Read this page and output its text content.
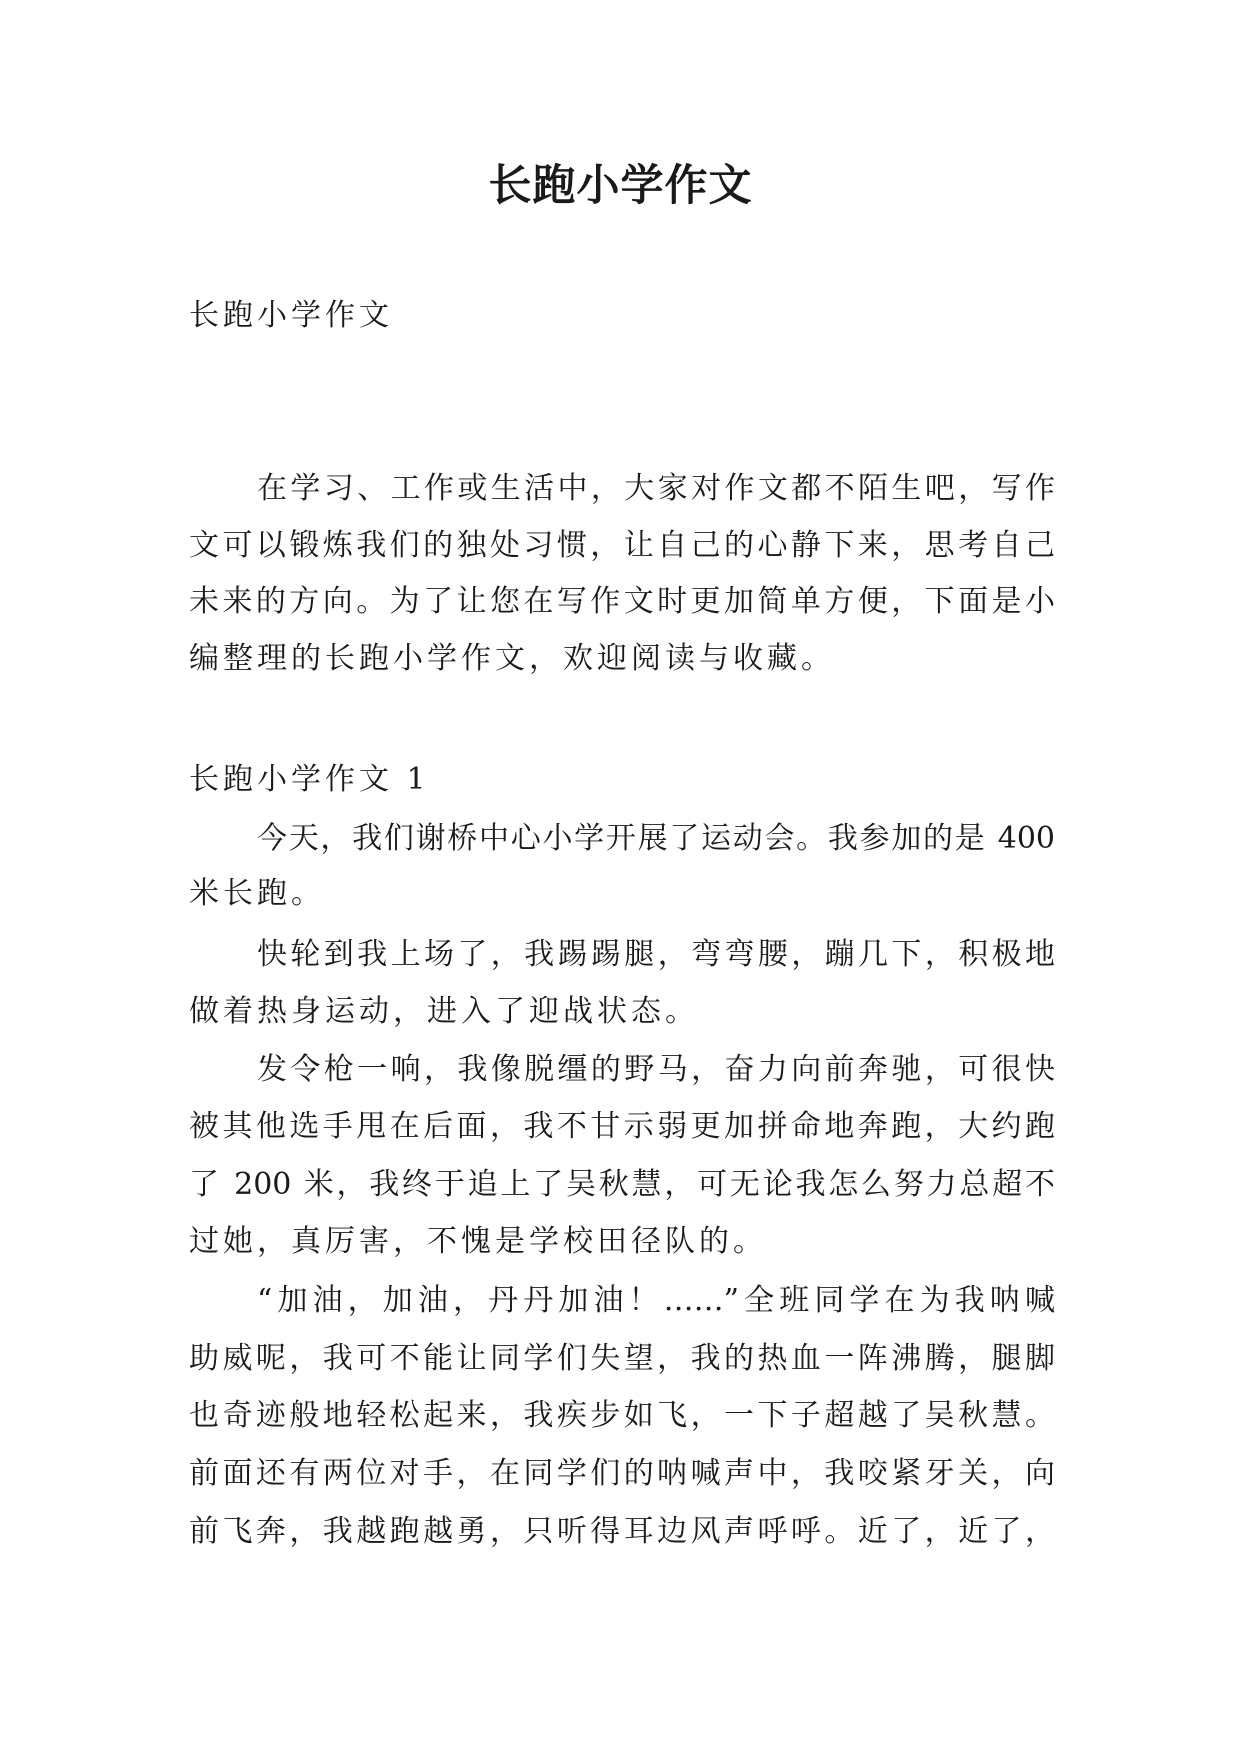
长跑小学作文

长跑小学作文

在学习、工作或生活中，大家对作文都不陌生吧，写作

文可以锻炼我们的独处习惯，让自己的心静下来，思考自己

未来的方向。为了让您在写作文时更加简单方便，下面是小

编整理的长跑小学作文，欢迎阅读与收藏。

长跑小学作文 1

今天，我们谢桥中心小学开展了运动会。我参加的是 400

米长跑。

快轮到我上场了，我踢踢腿，弯弯腰，蹦几下，积极地

做着热身运动，进入了迎战状态。

发令枪一响，我像脱缰的野马，奋力向前奔驰，可很快

被其他选手甩在后面，我不甘示弱更加拼命地奔跑，大约跑

了 200 米，我终于追上了吴秋慧，可无论我怎么努力总超不

过她，真厉害，不愧是学校田径队的。

“加油，加油，丹丹加油！……”全班同学在为我呐喊

助威呢，我可不能让同学们失望，我的热血一阵沸腾，腿脚

也奇迹般地轻松起来，我疾步如飞，一下子超越了吴秋慧。

前面还有两位对手，在同学们的呐喊声中，我咬紧牙关，向

前飞奔，我越跑越勇，只听得耳边风声呼呼。近了，近了，
